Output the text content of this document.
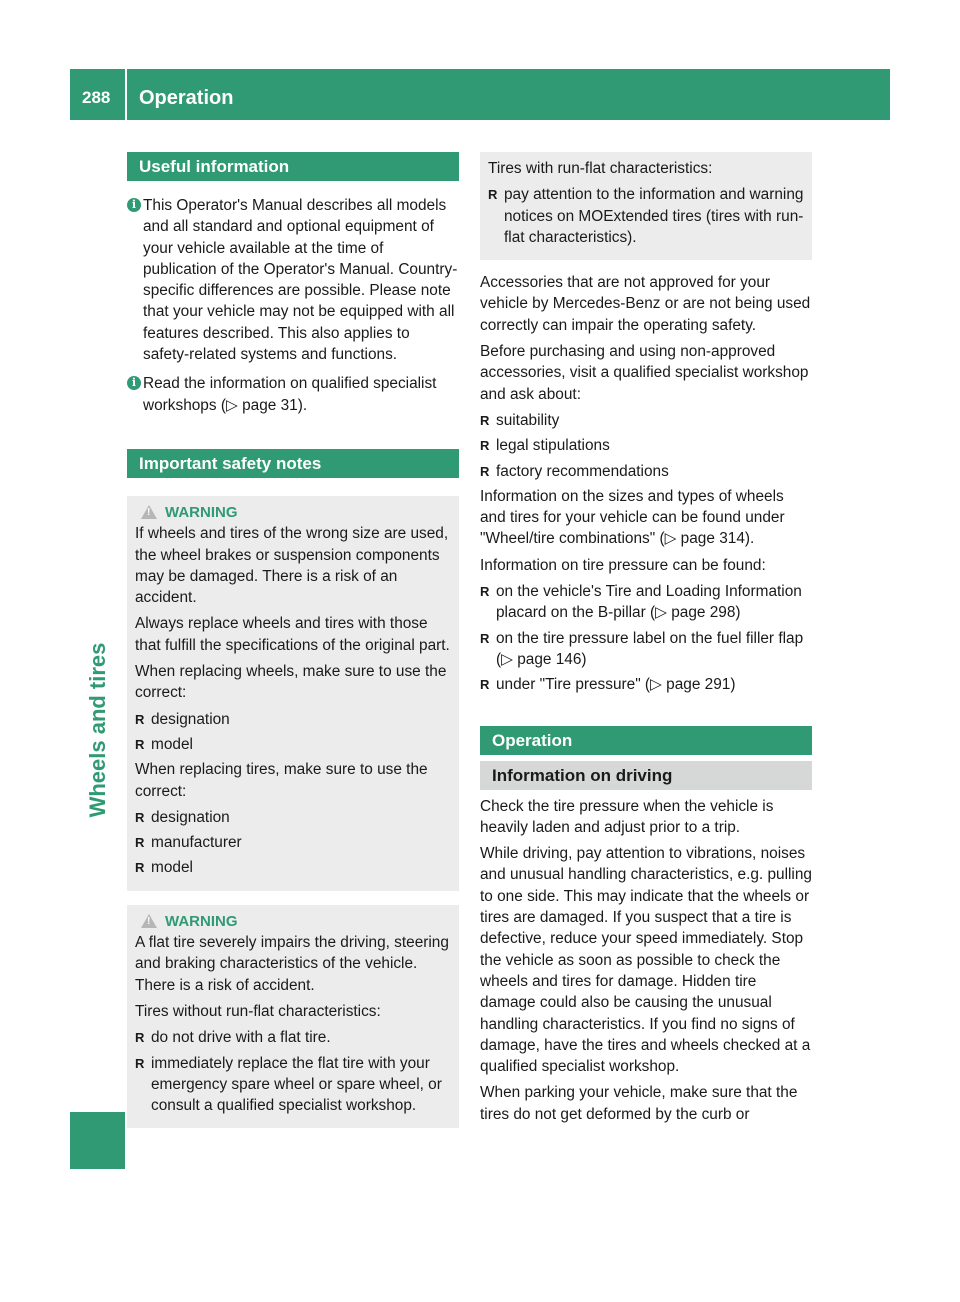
288 Operation
Wheels and tires
Useful information
i This Operator's Manual describes all models and all standard and optional equipment of your vehicle available at the time of publication of the Operator's Manual. Country-specific differences are possible. Please note that your vehicle may not be equipped with all features described. This also applies to safety-related systems and functions.
i Read the information on qualified specialist workshops (▷ page 31).
Important safety notes
!WARNING

If wheels and tires of the wrong size are used, the wheel brakes or suspension components may be damaged. There is a risk of an accident.

Always replace wheels and tires with those that fulfill the specifications of the original part.

When replacing wheels, make sure to use the correct:

R designation
R model

When replacing tires, make sure to use the correct:

R designation
R manufacturer
R model
!WARNING

A flat tire severely impairs the driving, steering and braking characteristics of the vehicle. There is a risk of accident.

Tires without run-flat characteristics:

R do not drive with a flat tire.
R immediately replace the flat tire with your emergency spare wheel or spare wheel, or consult a qualified specialist workshop.

Tires with run-flat characteristics:

R pay attention to the information and warning notices on MOExtended tires (tires with run-flat characteristics).

Accessories that are not approved for your vehicle by Mercedes-Benz or are not being used correctly can impair the operating safety.

Before purchasing and using non-approved accessories, visit a qualified specialist workshop and ask about:

R suitability
R legal stipulations
R factory recommendations

Information on the sizes and types of wheels and tires for your vehicle can be found under "Wheel/tire combinations" (▷ page 314).

Information on tire pressure can be found:

R on the vehicle's Tire and Loading Information placard on the B-pillar (▷ page 298)
R on the tire pressure label on the fuel filler flap (▷ page 146)
R under "Tire pressure" (▷ page 291)
Operation
Information on driving

Check the tire pressure when the vehicle is heavily laden and adjust prior to a trip.

While driving, pay attention to vibrations, noises and unusual handling characteristics, e.g. pulling to one side. This may indicate that the wheels or tires are damaged. If you suspect that a tire is defective, reduce your speed immediately. Stop the vehicle as soon as possible to check the wheels and tires for damage. Hidden tire damage could also be causing the unusual handling characteristics. If you find no signs of damage, have the tires and wheels checked at a qualified specialist workshop.

When parking your vehicle, make sure that the tires do not get deformed by the curb or
